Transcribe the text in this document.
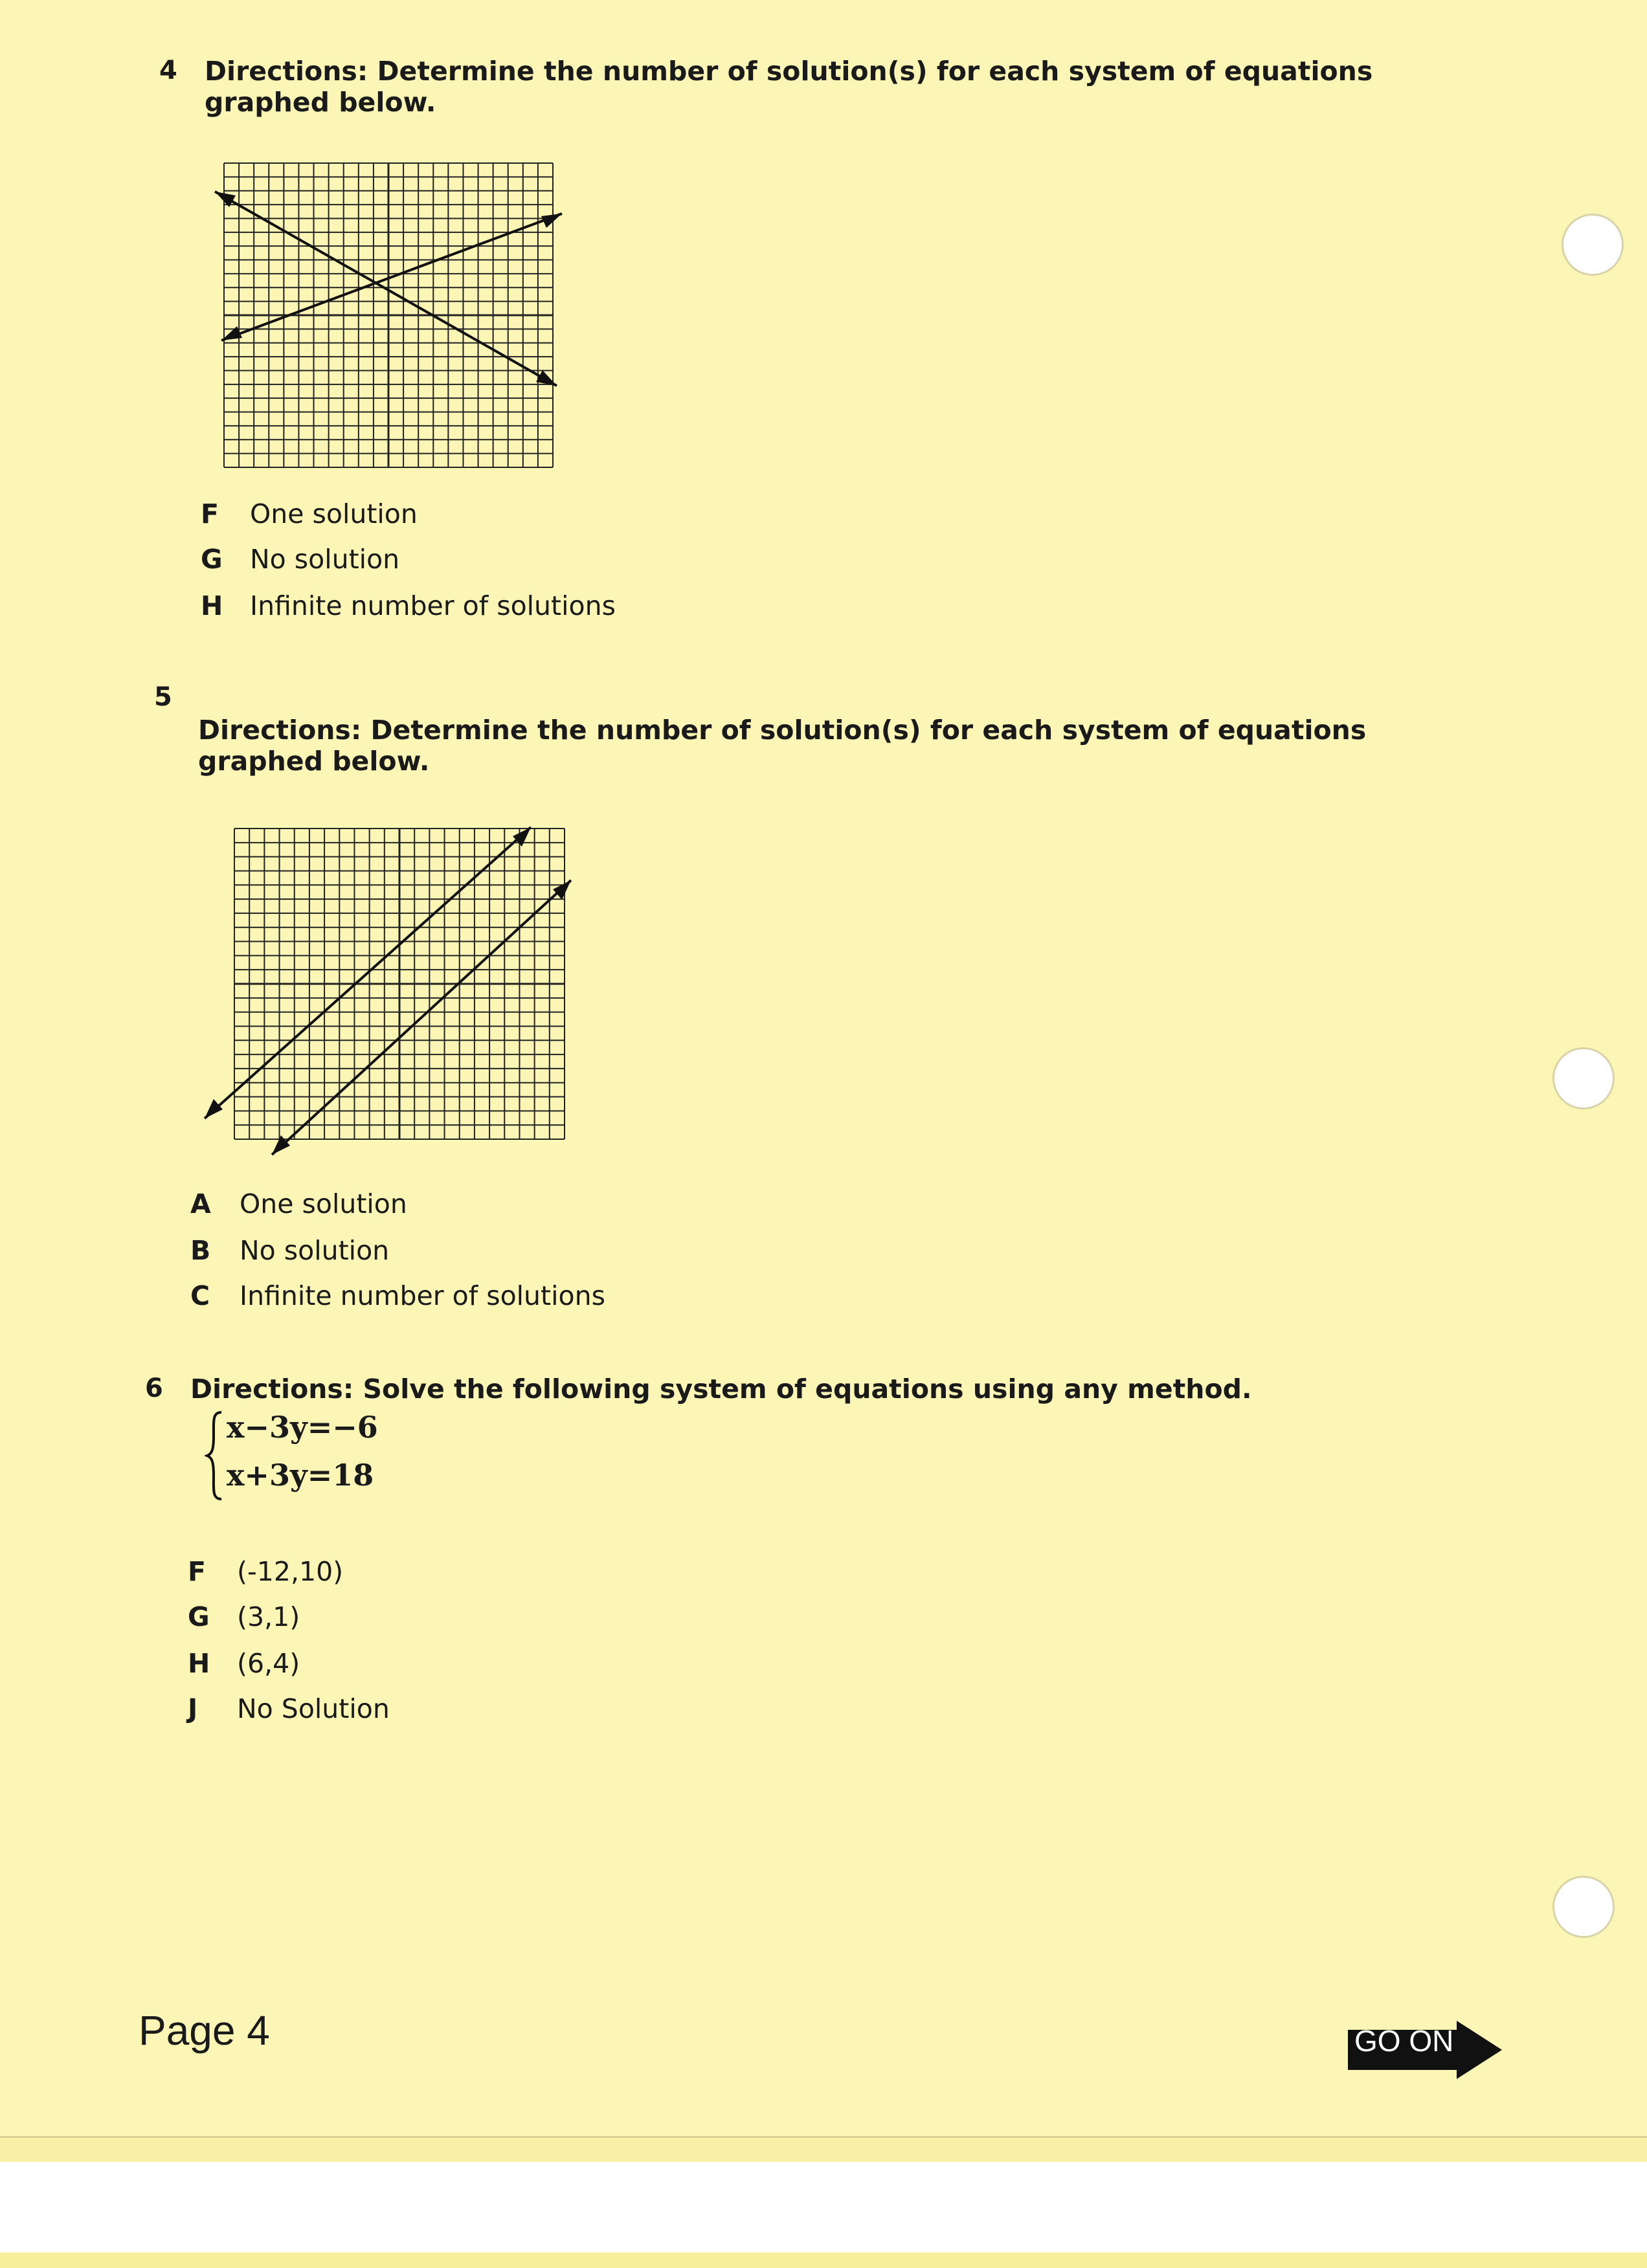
4 Directions: Determine the number of solution(s) for each system of equations graphed below.
F One solution
G No solution
H Infinite number of solutions
5
Directions: Determine the number of solution(s) for each system of equations graphed below.
A One solution
B No solution
C Infinite number of solutions
6 Directions: Solve the following system of equations using any method.
x−3y=−6
x+3y=18
F (-12,10)
G (3,1)
H (6,4)
J No Solution
Page 4	GO ON
